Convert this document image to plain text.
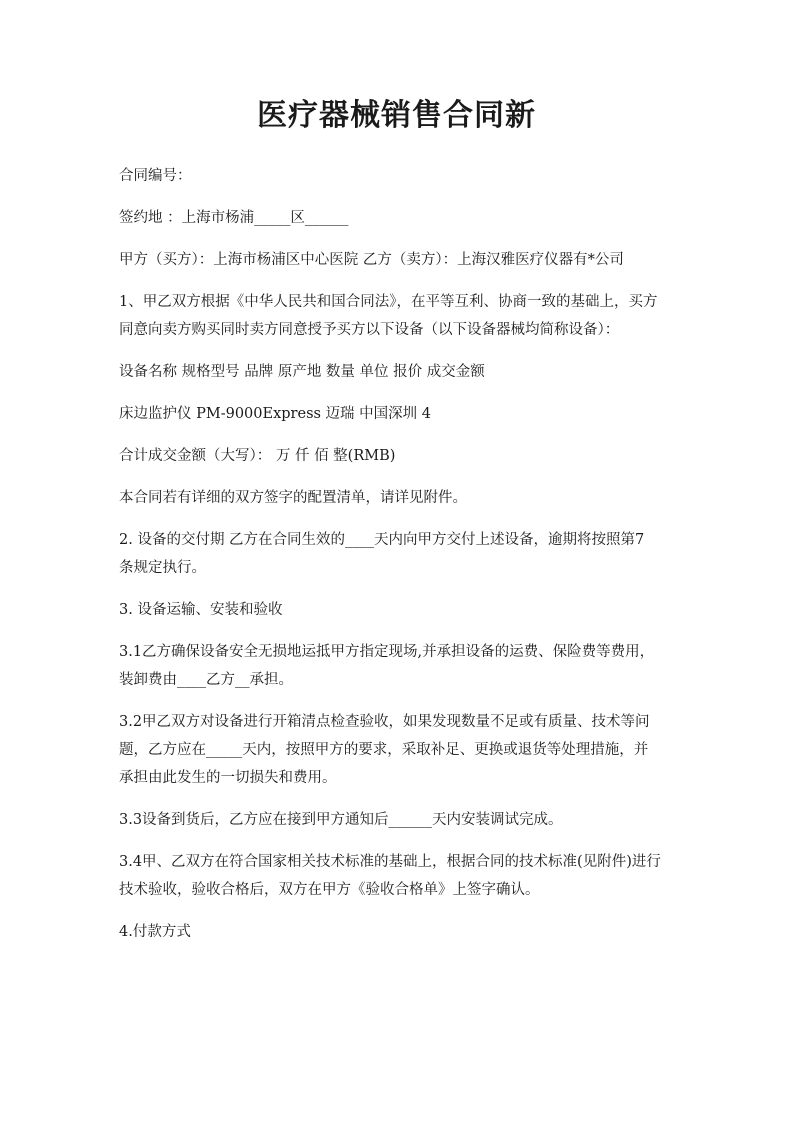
医疗器械销售合同新
合同编号：
签约地 ：上海市杨浦_____区______
甲方（买方）：上海市杨浦区中心医院 乙方（卖方）：上海汉雅医疗仪器有*公司
1、甲乙双方根据《中华人民共和国合同法》，在平等互利、协商一致的基础上，买方
同意向卖方购买同时卖方同意授予买方以下设备（以下设备器械均简称设备）：
设备名称 规格型号 品牌 原产地 数量 单位 报价 成交金额
床边监护仪 PM-9000Express 迈瑞 中国深圳 4
合计成交金额（大写）： 万 仟 佰 整(RMB)
本合同若有详细的双方签字的配置清单，请详见附件。
2. 设备的交付期 乙方在合同生效的____天内向甲方交付上述设备，逾期将按照第7
条规定执行。
3. 设备运输、安装和验收
3.1乙方确保设备安全无损地运抵甲方指定现场,并承担设备的运费、保险费等费用，
装卸费由____乙方__承担。
3.2甲乙双方对设备进行开箱清点检查验收，如果发现数量不足或有质量、技术等问
题，乙方应在_____天内，按照甲方的要求，采取补足、更换或退货等处理措施，并
承担由此发生的一切损失和费用。
3.3设备到货后，乙方应在接到甲方通知后______天内安装调试完成。
3.4甲、乙双方在符合国家相关技术标准的基础上，根据合同的技术标准(见附件)进行
技术验收，验收合格后，双方在甲方《验收合格单》上签字确认。
4.付款方式
